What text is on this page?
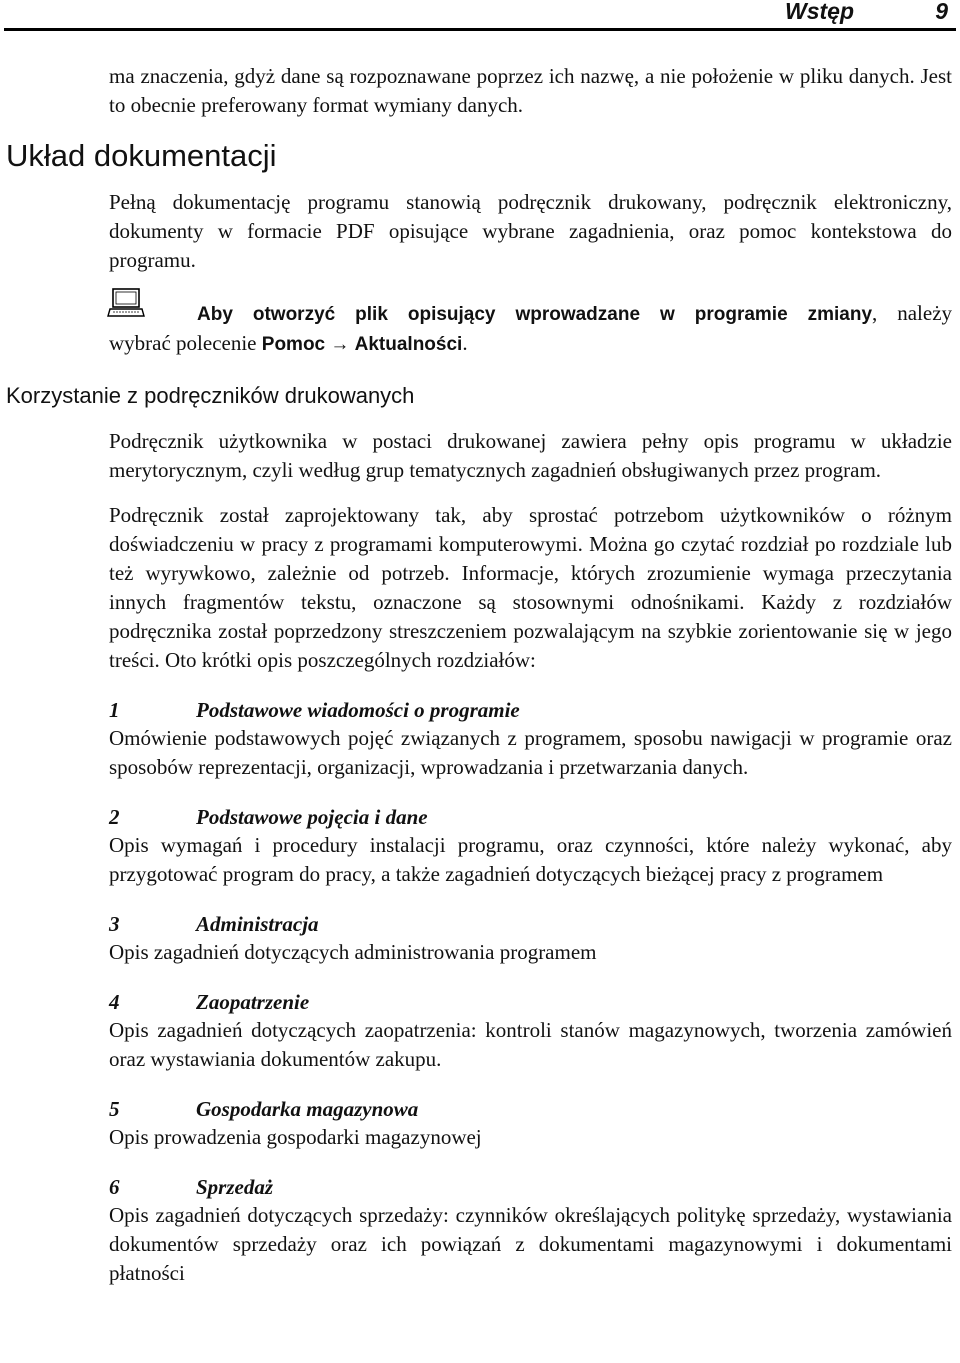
Wstęp	9

ma znaczenia, gdyż dane są rozpoznawane poprzez ich nazwę, a nie położenie w pliku danych. Jest to obecnie preferowany format wymiany danych.

Układ dokumentacji

Pełną dokumentację programu stanowią podręcznik drukowany, podręcznik elektroniczny, dokumenty w formacie PDF opisujące wybrane zagadnienia, oraz pomoc kontekstowa do programu.

Aby otworzyć plik opisujący wprowadzane w programie zmiany, należy
wybrać polecenie Pomoc → Aktualności.
Korzystanie z podręczników drukowanych

Podręcznik użytkownika w postaci drukowanej zawiera pełny opis programu w układzie merytorycznym, czyli według grup tematycznych zagadnień obsługiwanych przez program.

Podręcznik został zaprojektowany tak, aby sprostać potrzebom użytkowników o różnym doświadczeniu w pracy z programami komputerowymi. Można go czytać rozdział po rozdziale lub też wyrywkowo, zależnie od potrzeb. Informacje, których zrozumienie wymaga przeczytania innych fragmentów tekstu, oznaczone są stosownymi odnośnikami. Każdy z rozdziałów podręcznika został poprzedzony streszczeniem pozwalającym na szybkie zorientowanie się w jego treści. Oto krótki opis poszczególnych rozdziałów:

1	Podstawowe wiadomości o programie

Omówienie podstawowych pojęć związanych z programem, sposobu nawigacji w programie oraz sposobów reprezentacji, organizacji, wprowadzania i przetwarzania danych.

2	Podstawowe pojęcia i dane

Opis wymagań i procedury instalacji programu, oraz czynności, które należy wykonać, aby przygotować program do pracy, a także zagadnień dotyczących bieżącej pracy z programem

3	Administracja

Opis zagadnień dotyczących administrowania programem

4	Zaopatrzenie

Opis zagadnień dotyczących zaopatrzenia: kontroli stanów magazynowych, tworzenia zamówień oraz wystawiania dokumentów zakupu.

5	Gospodarka magazynowa

Opis prowadzenia gospodarki magazynowej

6	Sprzedaż

Opis zagadnień dotyczących sprzedaży: czynników określających politykę sprzedaży, wystawiania dokumentów sprzedaży oraz ich powiązań z dokumentami magazynowymi i dokumentami płatności
